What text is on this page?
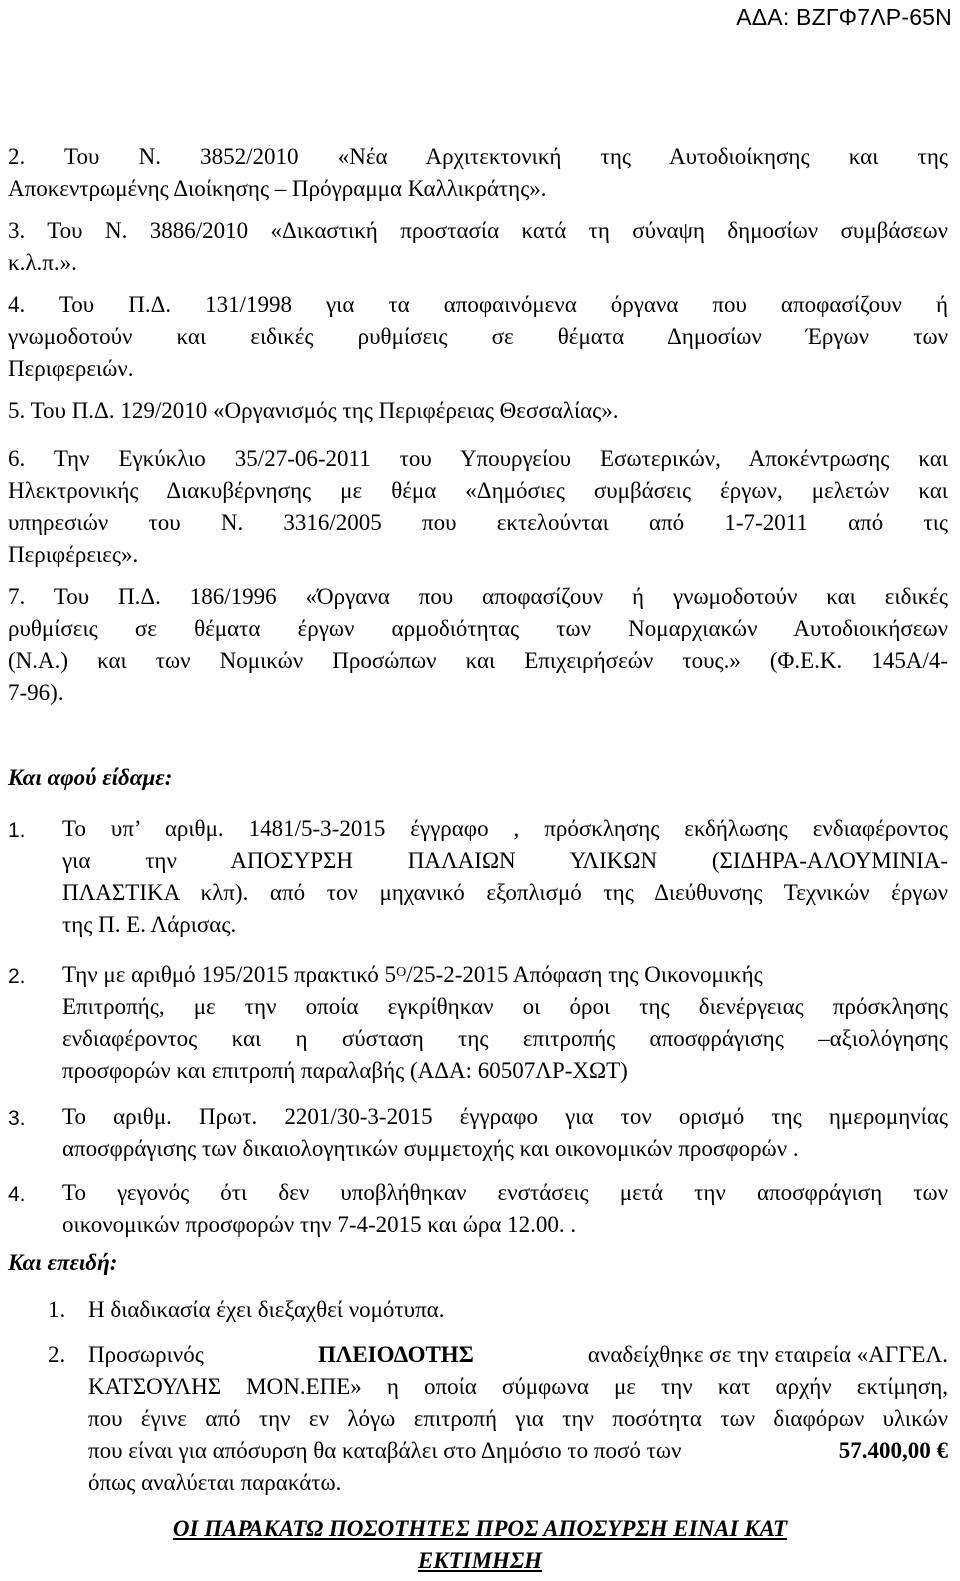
ΑΔΑ: ΒΖΓΦ7ΛΡ-65Ν
2. Του Ν. 3852/2010 «Νέα Αρχιτεκτονική της Αυτοδιοίκησης και της
Αποκεντρωμένης Διοίκησης – Πρόγραμμα Καλλικράτης».
3. Του Ν. 3886/2010 «Δικαστική προστασία κατά τη σύναψη δημοσίων συμβάσεων
κ.λ.π.».
4. Του Π.Δ. 131/1998 για τα αποφαινόμενα όργανα που αποφασίζουν ή
γνωμοδοτούν και ειδικές ρυθμίσεις σε θέματα Δημοσίων Έργων των
Περιφερειών.
5. Του Π.Δ. 129/2010 «Οργανισμός της Περιφέρειας Θεσσαλίας».
6. Την Εγκύκλιο 35/27-06-2011 του Υπουργείου Εσωτερικών, Αποκέντρωσης και
Ηλεκτρονικής Διακυβέρνησης με θέμα «Δημόσιες συμβάσεις έργων, μελετών και
υπηρεσιών του Ν. 3316/2005 που εκτελούνται από 1-7-2011 από τις
Περιφέρειες».
7. Του Π.Δ. 186/1996 «Όργανα που αποφασίζουν ή γνωμοδοτούν και ειδικές
ρυθμίσεις σε θέματα έργων αρμοδιότητας των Νομαρχιακών Αυτοδιοικήσεων
(Ν.Α.) και των Νομικών Προσώπων και Επιχειρήσεών τους.» (Φ.Ε.Κ. 145Α/4-
7-96).
Και αφού είδαμε:
1. Το υπ’ αριθμ. 1481/5-3-2015 έγγραφο , πρόσκλησης εκδήλωσης ενδιαφέροντος
για την ΑΠΟΣΥΡΣΗ ΠΑΛΑΙΩΝ ΥΛΙΚΩΝ (ΣΙΔΗΡΑ-ΑΛΟΥΜΙΝΙΑ-
ΠΛΑΣΤΙΚΑ κλπ). από τον μηχανικό εξοπλισμό της Διεύθυνσης Τεχνικών έργων
της Π. Ε. Λάρισας.
2. Την με αριθμό 195/2015 πρακτικό $5^O/25-2-2015$ Απόφαση της Οικονομικής
Επιτροπής, με την οποία εγκρίθηκαν οι όροι της διενέργειας πρόσκλησης
ενδιαφέροντος και η σύσταση της επιτροπής αποσφράγισης –αξιολόγησης
προσφορών και επιτροπή παραλαβής (ΑΔΑ: 60507ΛΡ-ΧΩΤ)
3. Το αριθμ. Πρωτ. 2201/30-3-2015 έγγραφο για τον ορισμό της ημερομηνίας
αποσφράγισης των δικαιολογητικών συμμετοχής και οικονομικών προσφορών .
4. Το γεγονός ότι δεν υποβλήθηκαν ενστάσεις μετά την αποσφράγιση των
οικονομικών προσφορών την 7-4-2015 και ώρα 12.00. .
Και επειδή:
1. Η διαδικασία έχει διεξαχθεί νομότυπα.
2. Προσωρινός	ΠΛΕΙΟΔΟΤΗΣ	αναδείχθηκε σε την εταιρεία «ΑΓΓΕΛ.
ΚΑΤΣΟΥΛΗΣ ΜΟΝ.ΕΠΕ» η οποία σύμφωνα με την κατ αρχήν εκτίμηση,
που έγινε από την εν λόγω επιτροπή για την ποσότητα των διαφόρων υλικών
που είναι για απόσυρση θα καταβάλει στο Δημόσιο το ποσό των	57.400,00 €
όπως αναλύεται παρακάτω.
ΟΙ ΠΑΡΑΚΑΤΩ ΠΟΣΟΤΗΤΕΣ ΠΡΟΣ ΑΠΟΣΥΡΣΗ ΕΙΝΑΙ ΚΑΤ
ΕΚΤΙΜΗΣΗ
